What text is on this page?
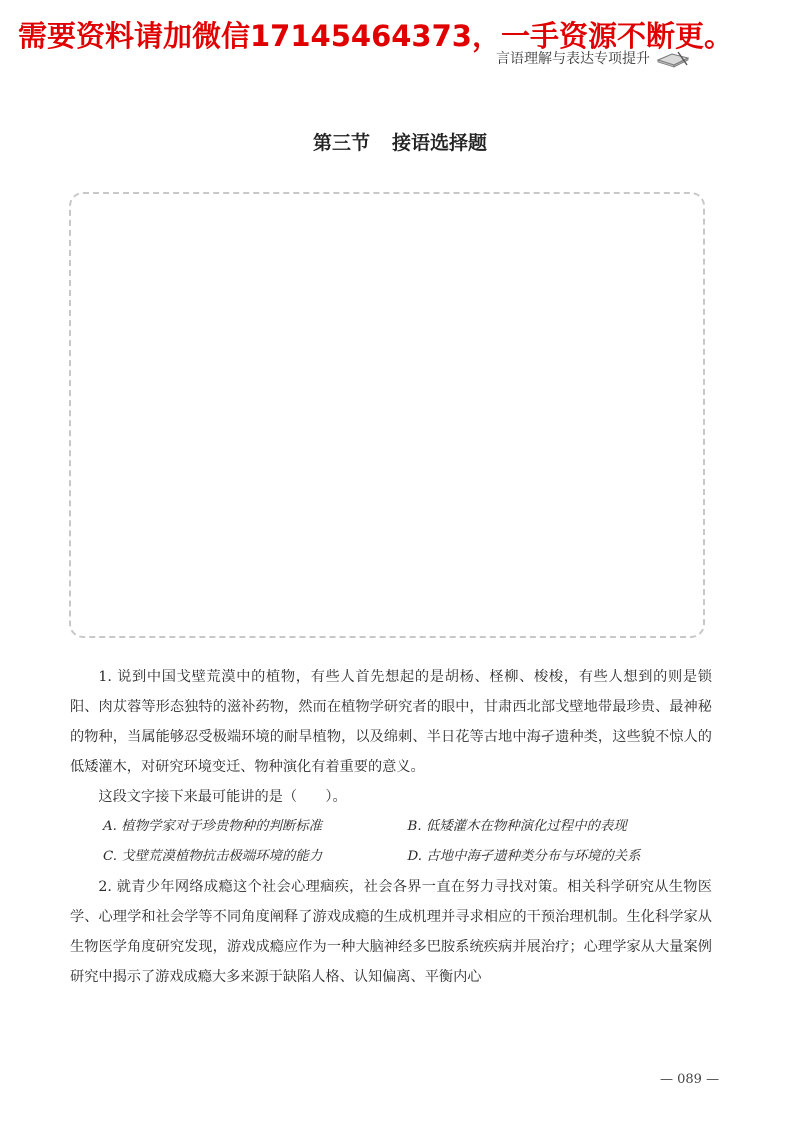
需要资料请加微信17145464373，一手资源不断更。
言语理解与表达专项提升
第三节 接语选择题

1. 说到中国戈壁荒漠中的植物，有些人首先想起的是胡杨、柽柳、梭梭，有些人想到的则是锁阳、肉苁蓉等形态独特的滋补药物，然而在植物学研究者的眼中，甘肃西北部戈壁地带最珍贵、最神秘的物种，当属能够忍受极端环境的耐旱植物，以及绵刺、半日花等古地中海孑遗种类，这些貌不惊人的低矮灌木，对研究环境变迁、物种演化有着重要的意义。

这段文字接下来最可能讲的是（　　）。

A. 植物学家对于珍贵物种的判断标准	B. 低矮灌木在物种演化过程中的表现
C. 戈壁荒漠植物抗击极端环境的能力	D. 古地中海孑遗种类分布与环境的关系

2. 就青少年网络成瘾这个社会心理痼疾，社会各界一直在努力寻找对策。相关科学研究从生物医学、心理学和社会学等不同角度阐释了游戏成瘾的生成机理并寻求相应的干预治理机制。生化科学家从生物医学角度研究发现，游戏成瘾应作为一种大脑神经多巴胺系统疾病并展治疗；心理学家从大量案例研究中揭示了游戏成瘾大多来源于缺陷人格、认知偏离、平衡内心

— 089 —
